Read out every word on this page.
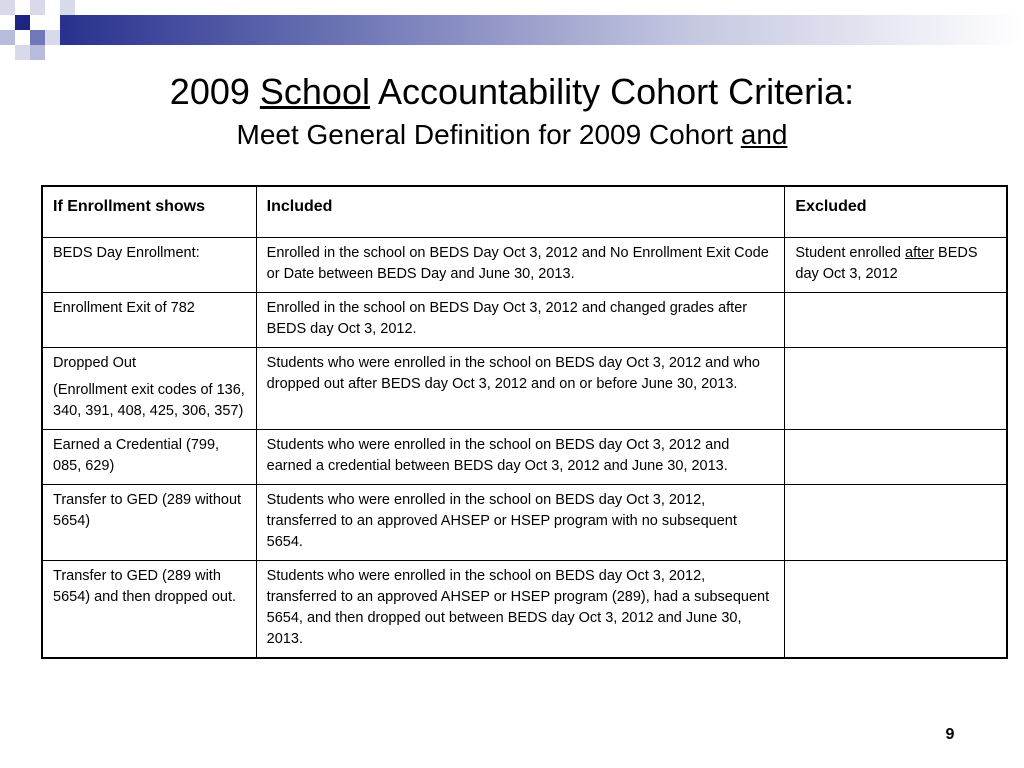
2009 School Accountability Cohort Criteria:
Meet General Definition for 2009 Cohort and
If Enrollment shows	Included	Excluded
BEDS Day Enrollment:	Enrolled in the school on BEDS Day Oct 3, 2012 and No Enrollment Exit Code or Date between BEDS Day and June 30, 2013.	Student enrolled after BEDS day Oct 3, 2012
Enrollment Exit of 782	Enrolled in the school on BEDS Day Oct 3, 2012 and changed grades after BEDS day Oct 3, 2012.	
Dropped Out
(Enrollment exit codes of 136, 340, 391, 408, 425, 306, 357)	Students who were enrolled in the school on BEDS day Oct 3, 2012 and who dropped out after BEDS day Oct 3, 2012 and on or before June 30, 2013.	
Earned a Credential (799, 085, 629)	Students who were enrolled in the school on BEDS day Oct 3, 2012 and earned a credential between BEDS day Oct 3, 2012 and June 30, 2013.	
Transfer to GED (289 without 5654)	Students who were enrolled in the school on BEDS day Oct 3, 2012, transferred to an approved AHSEP or HSEP program with no subsequent 5654.	
Transfer to GED (289 with 5654) and then dropped out.	Students who were enrolled in the school on BEDS day Oct 3, 2012, transferred to an approved AHSEP or HSEP program (289), had a subsequent 5654, and then dropped out between BEDS day Oct 3, 2012 and June 30, 2013.	
9
